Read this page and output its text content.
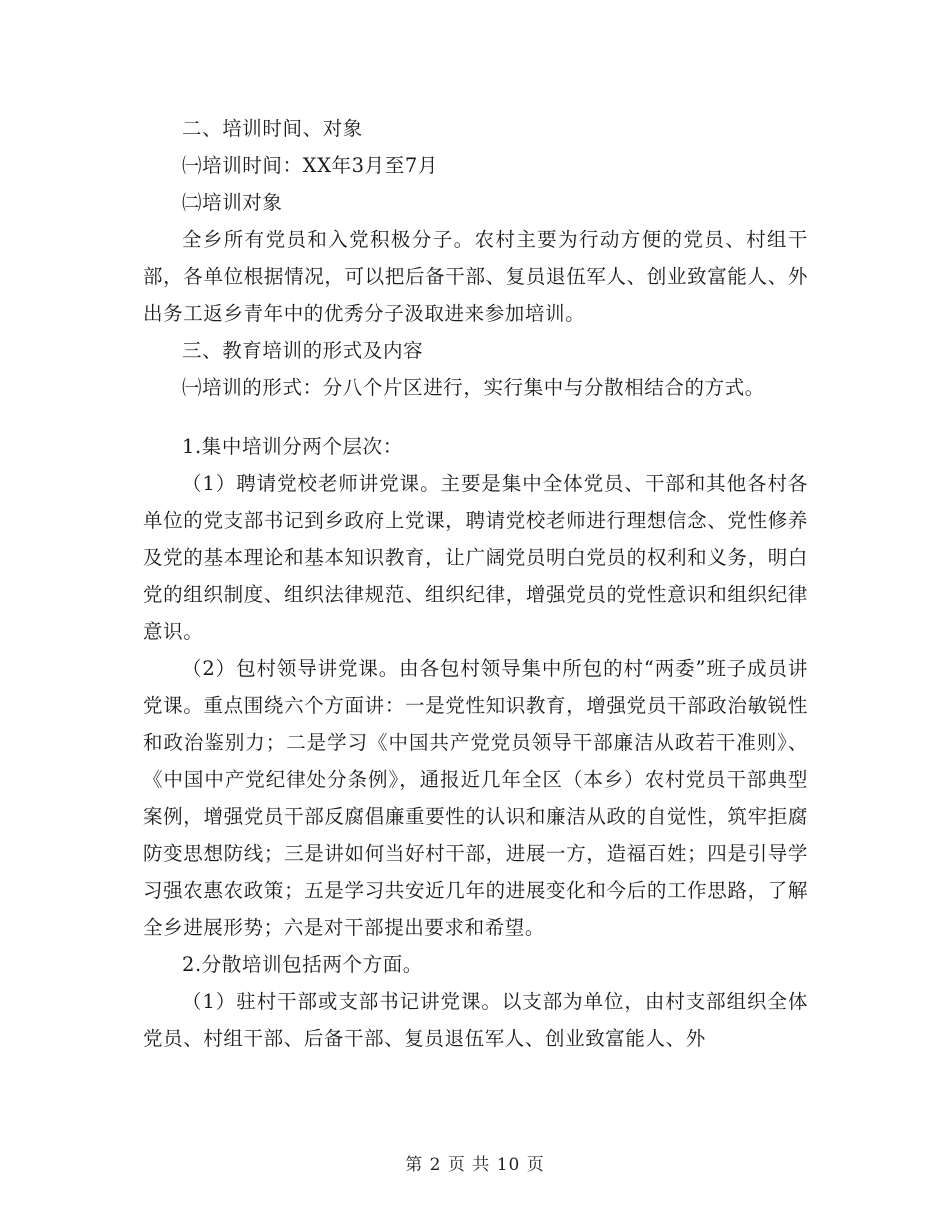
二、培训时间、对象

㈠培训时间：XX年3月至7月

㈡培训对象

全乡所有党员和入党积极分子。农村主要为行动方便的党员、村组干部，各单位根据情况，可以把后备干部、复员退伍军人、创业致富能人、外出务工返乡青年中的优秀分子汲取进来参加培训。

三、教育培训的形式及内容

㈠培训的形式：分八个片区进行，实行集中与分散相结合的方式。

1.集中培训分两个层次：

（1）聘请党校老师讲党课。主要是集中全体党员、干部和其他各村各单位的党支部书记到乡政府上党课，聘请党校老师进行理想信念、党性修养及党的基本理论和基本知识教育，让广阔党员明白党员的权利和义务，明白党的组织制度、组织法律规范、组织纪律，增强党员的党性意识和组织纪律意识。

（2）包村领导讲党课。由各包村领导集中所包的村“两委”班子成员讲党课。重点围绕六个方面讲：一是党性知识教育，增强党员干部政治敏锐性和政治鉴别力；二是学习《中国共产党党员领导干部廉洁从政若干准则》、《中国中产党纪律处分条例》，通报近几年全区（本乡）农村党员干部典型案例，增强党员干部反腐倡廉重要性的认识和廉洁从政的自觉性，筑牢拒腐防变思想防线；三是讲如何当好村干部，进展一方，造福百姓；四是引导学习强农惠农政策；五是学习共安近几年的进展变化和今后的工作思路，了解全乡进展形势；六是对干部提出要求和希望。

2.分散培训包括两个方面。

（1）驻村干部或支部书记讲党课。以支部为单位，由村支部组织全体党员、村组干部、后备干部、复员退伍军人、创业致富能人、外

第 2 页 共 10 页
